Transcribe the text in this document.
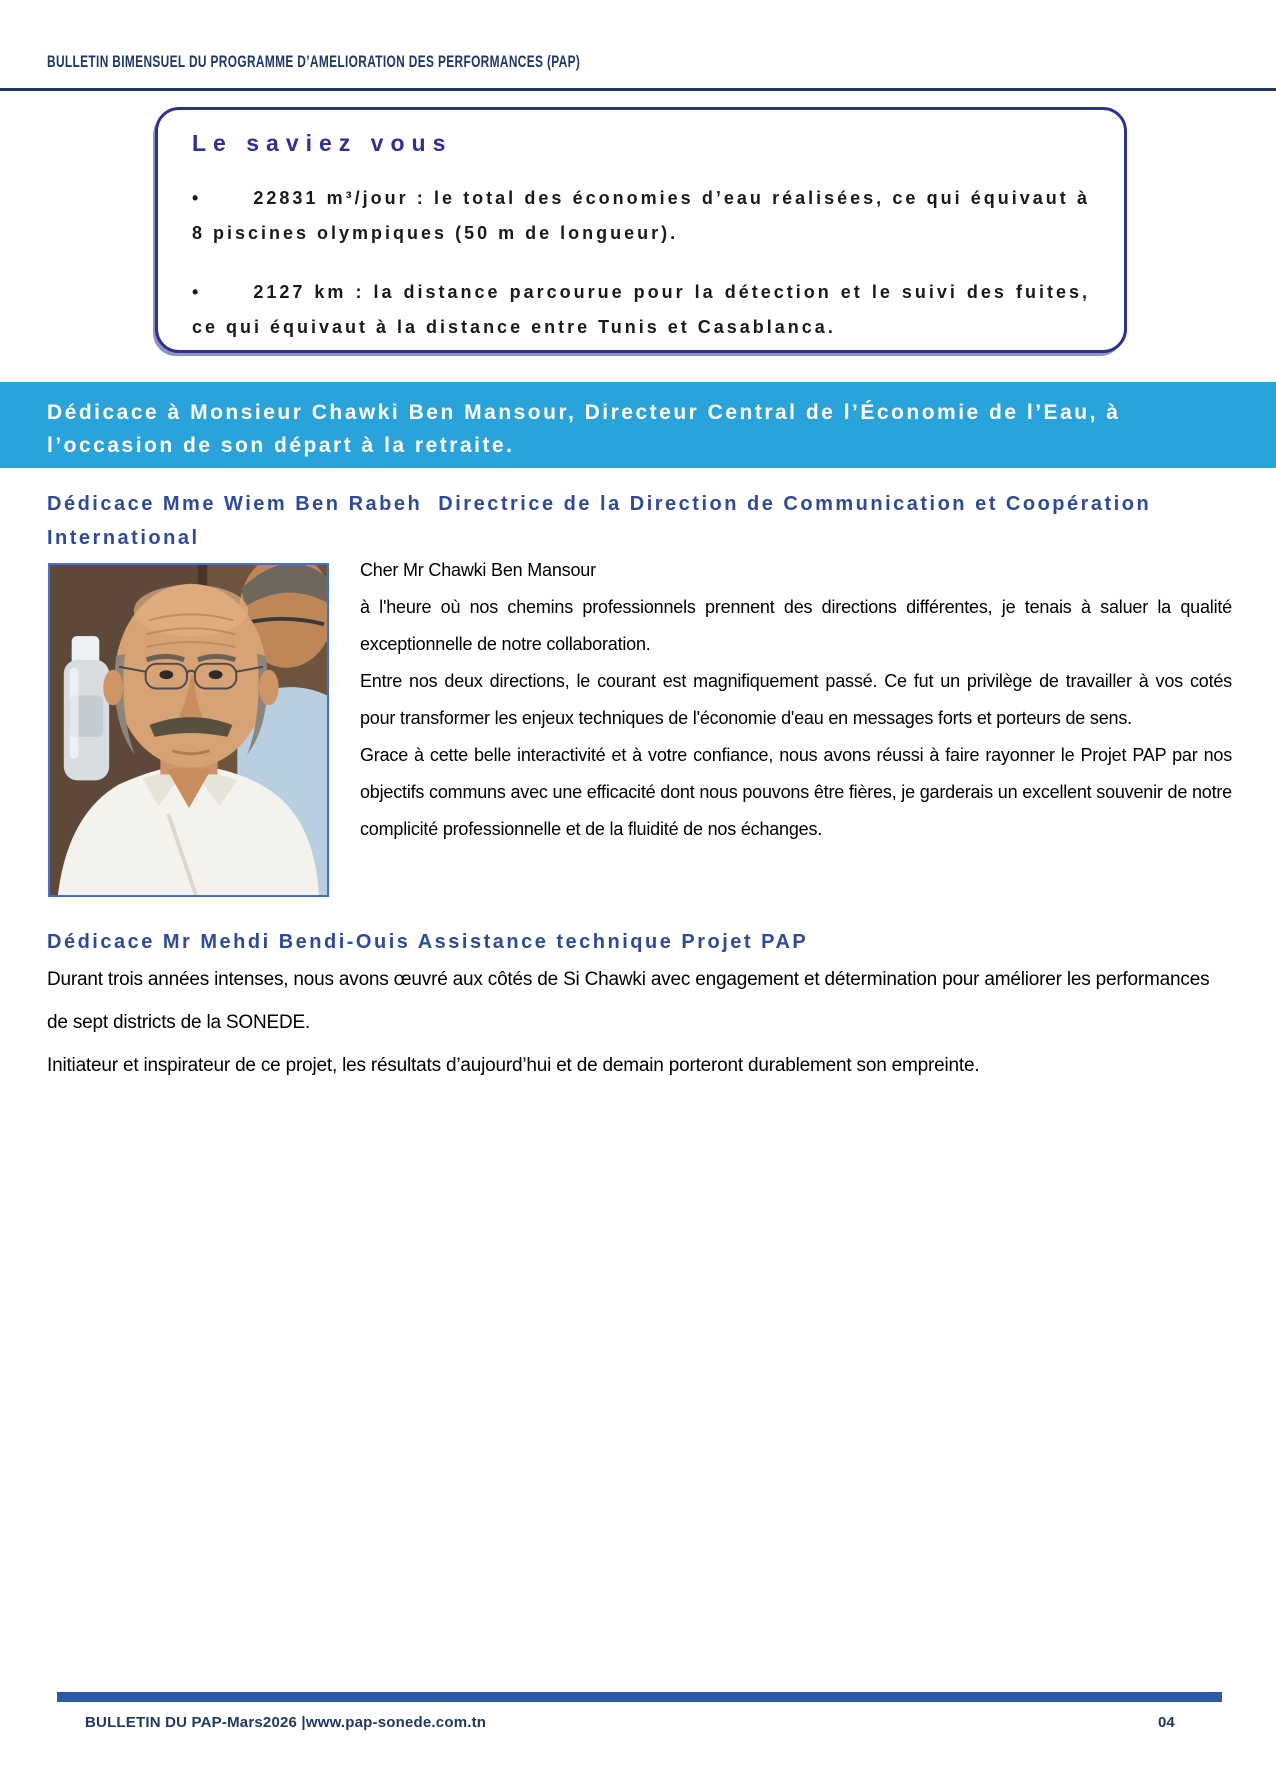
BULLETIN BIMENSUEL DU PROGRAMME D’AMELIORATION DES PERFORMANCES (PAP)
Le saviez vous
•	22831 m³/jour : le total des économies d’eau réalisées, ce qui équivaut à 8 piscines olympiques (50 m de longueur).
•	2127 km : la distance parcourue pour la détection et le suivi des fuites, ce qui équivaut à la distance entre Tunis et Casablanca.
Dédicace à Monsieur Chawki Ben Mansour, Directeur Central de l’Économie de l’Eau, à l’occasion de son départ à la retraite.
Dédicace Mme Wiem Ben Rabeh  Directrice de la Direction de Communication et Coopération International

Cher Mr Chawki Ben Mansour

à l'heure où nos chemins professionnels prennent des directions différentes, je tenais à saluer la qualité exceptionnelle de notre collaboration.

Entre nos deux directions, le courant est magnifiquement passé. Ce fut un privilège de travailler à vos cotés pour transformer les enjeux techniques de l'économie d'eau en messages forts et porteurs de sens.

Grace à cette belle interactivité et à votre confiance, nous avons réussi à faire rayonner le Projet PAP par nos objectifs communs avec une efficacité dont nous pouvons être fières, je garderais un excellent souvenir de notre complicité professionnelle et de la fluidité de nos échanges.

Dédicace Mr Mehdi Bendi-Ouis Assistance technique Projet PAP

Durant trois années intenses, nous avons œuvré aux côtés de Si Chawki avec engagement et détermination pour améliorer les performances de sept districts de la SONEDE.

Initiateur et inspirateur de ce projet, les résultats d’aujourd’hui et de demain porteront durablement son empreinte.

BULLETIN DU PAP-Mars2026 |www.pap-sonede.com.tn	04
